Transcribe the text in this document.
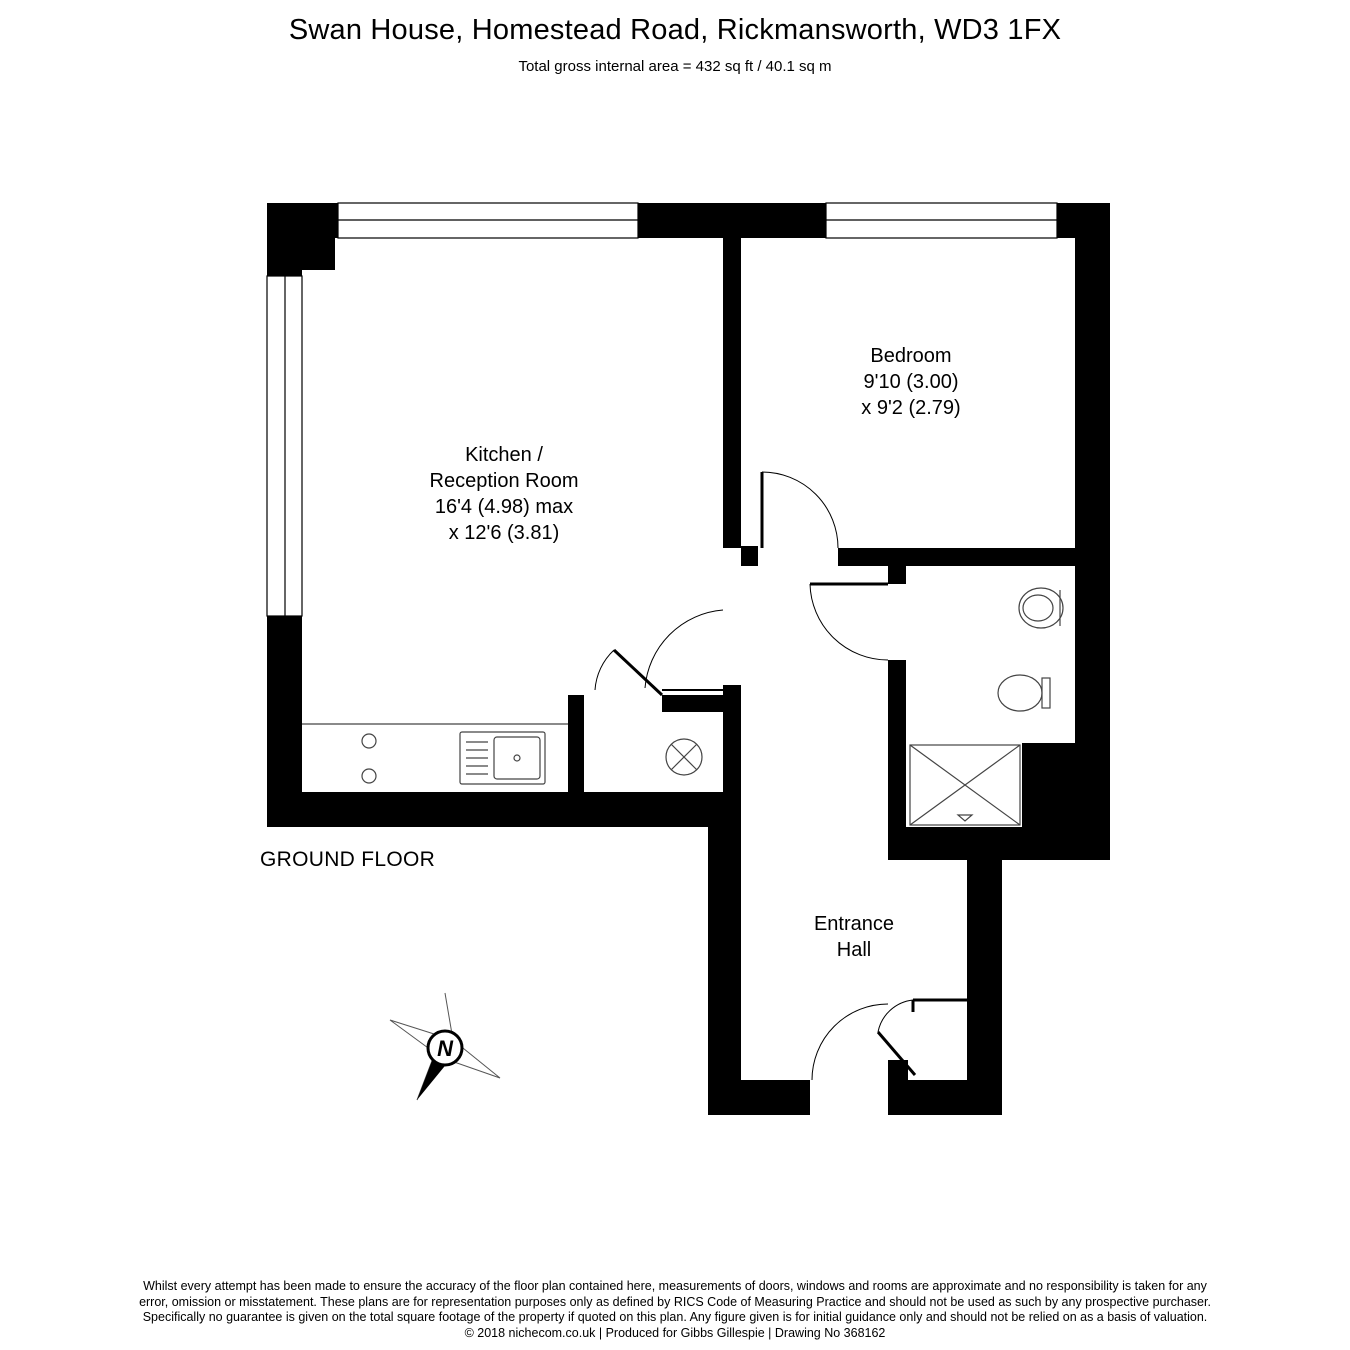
Swan House, Homestead Road, Rickmansworth, WD3 1FX
Total gross internal area = 432 sq ft / 40.1 sq m
N
Kitchen /
Reception Room
16'4 (4.98) max
x 12'6 (3.81)
Bedroom
9'10 (3.00)
x 9'2 (2.79)
Entrance
Hall
GROUND FLOOR
Whilst every attempt has been made to ensure the accuracy of the floor plan contained here, measurements of doors, windows and rooms are approximate and no responsibility is taken for any
error, omission or misstatement. These plans are for representation purposes only as defined by RICS Code of Measuring Practice and should not be used as such by any prospective purchaser.
Specifically no guarantee is given on the total square footage of the property if quoted on this plan. Any figure given is for initial guidance only and should not be relied on as a basis of valuation.
© 2018 nichecom.co.uk | Produced for Gibbs Gillespie | Drawing No 368162
